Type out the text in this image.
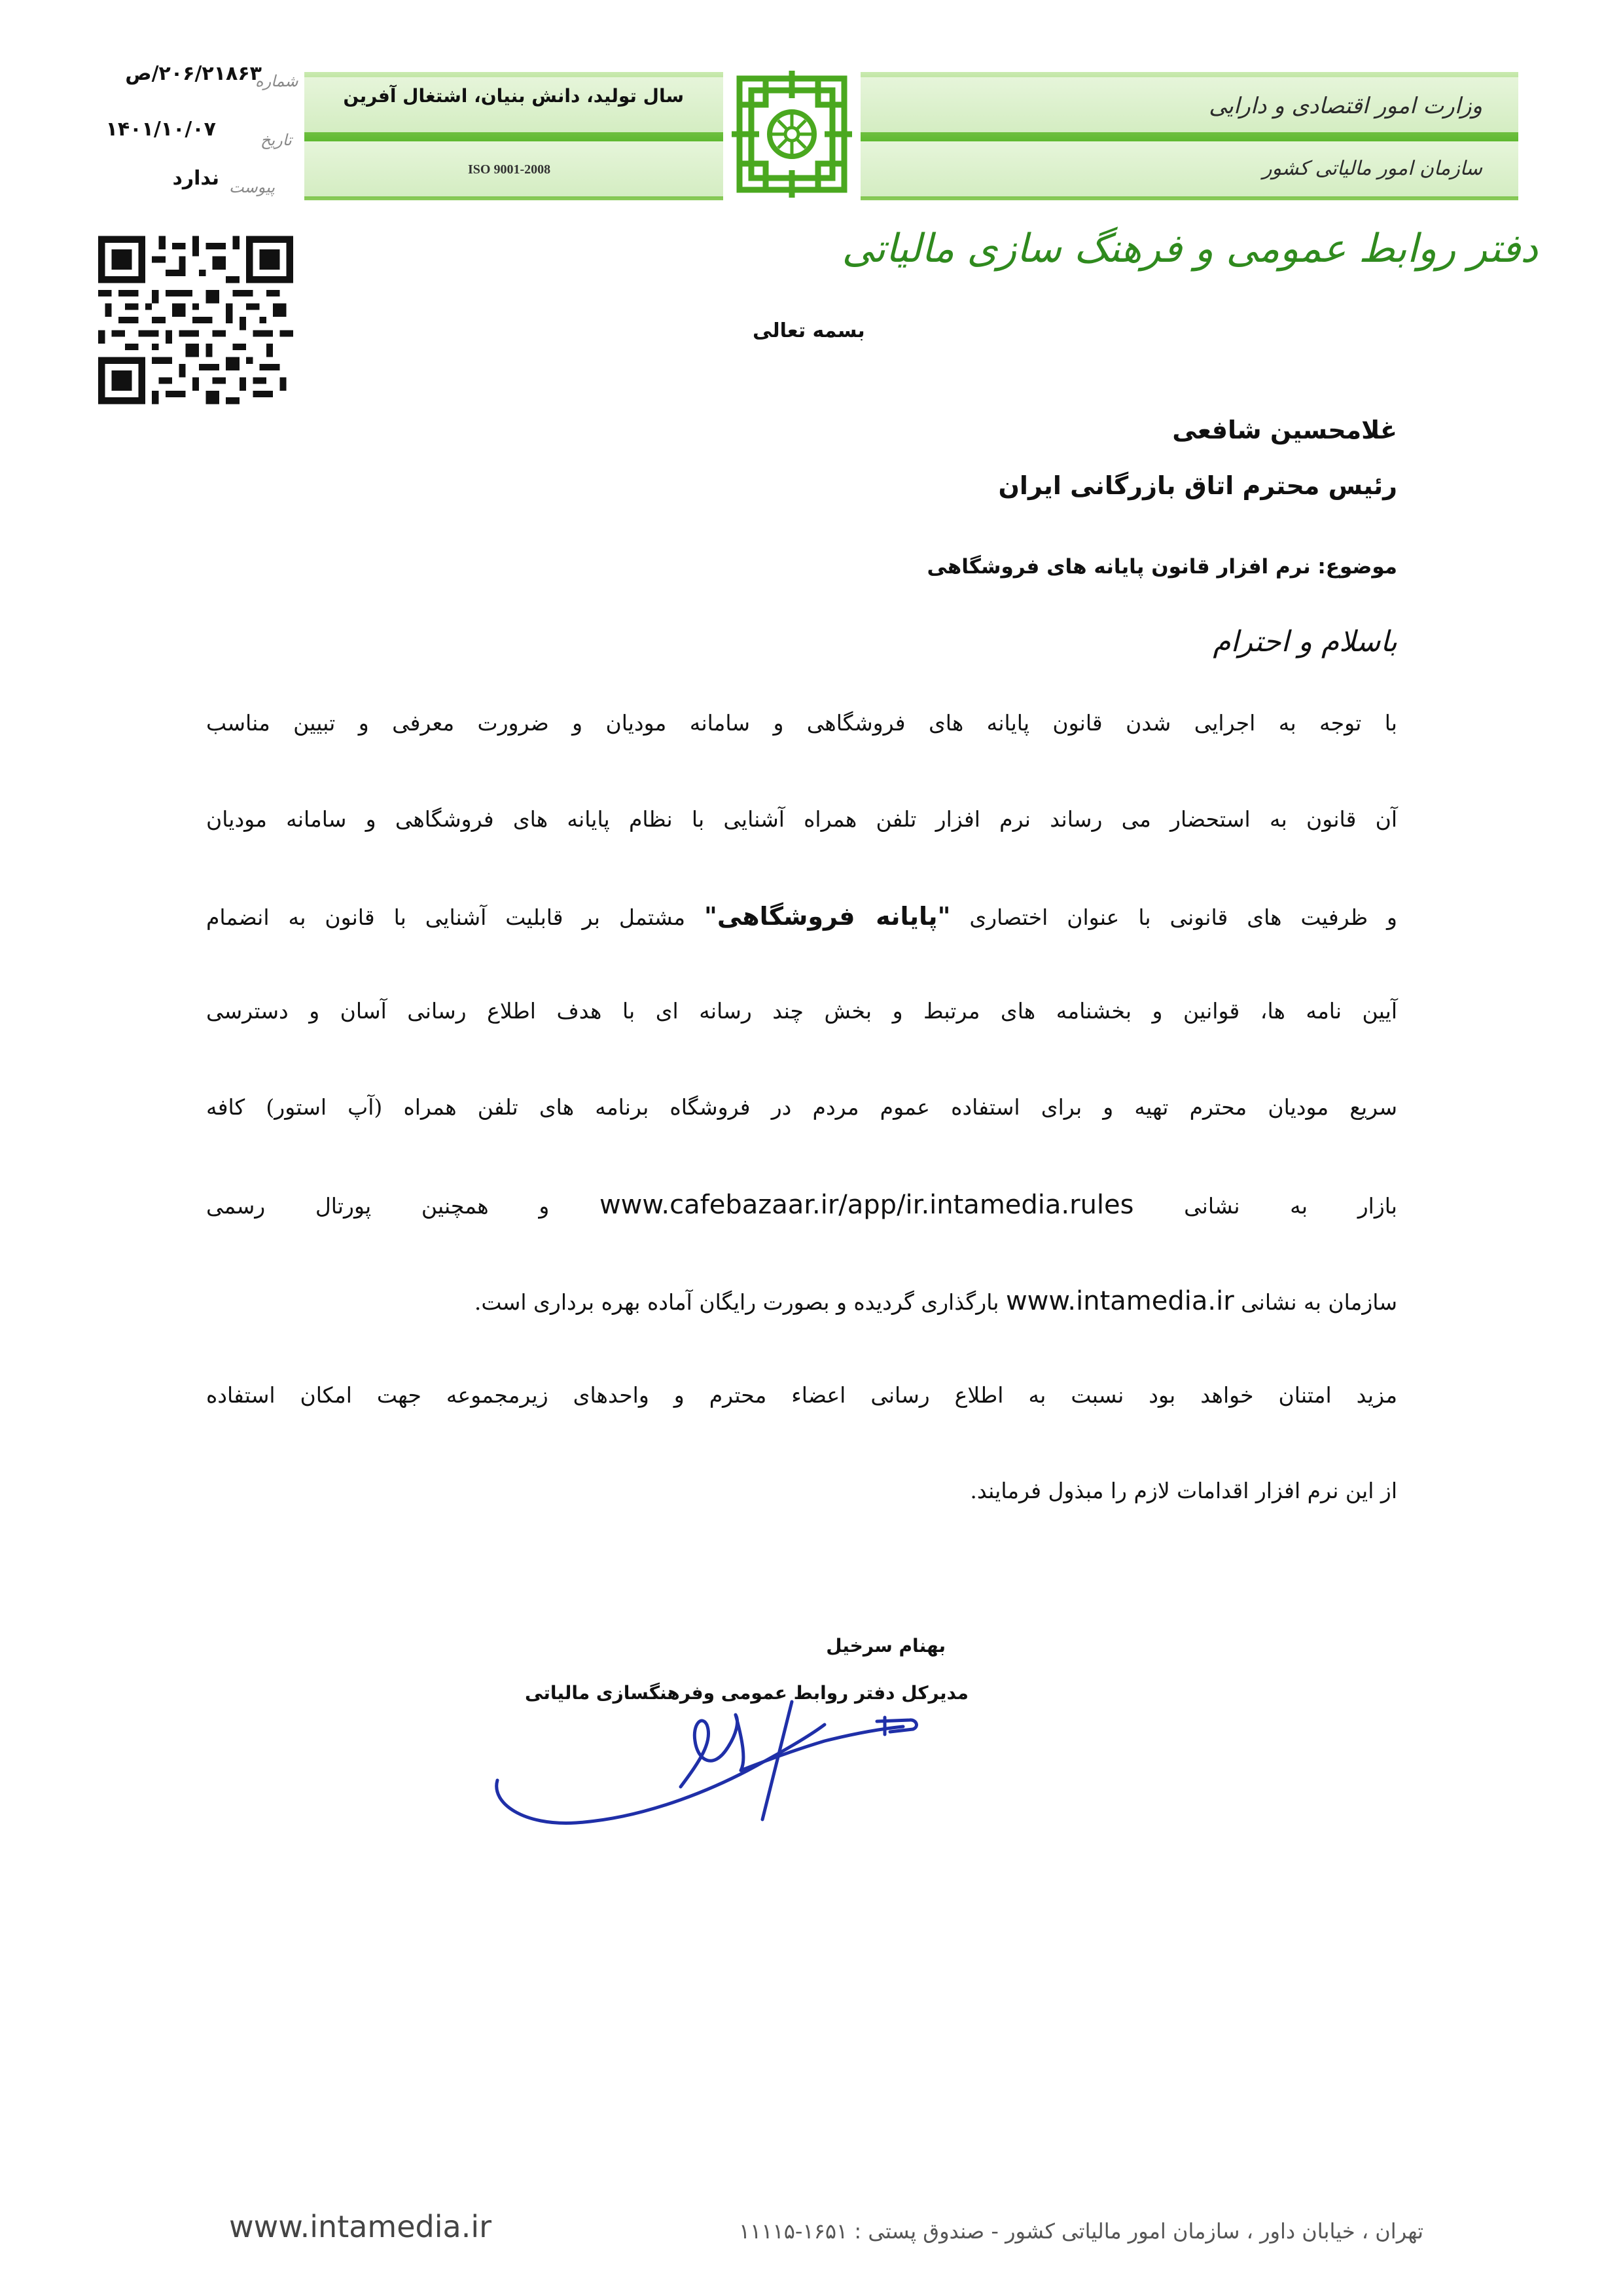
سال تولید، دانش بنیان، اشتغال آفرین
ISO 9001-2008
وزارت امور اقتصادی و دارایی
سازمان امور مالیاتی کشور
دفتر روابط عمومی و فرهنگ سازی مالیاتی
۲۰۶/۲۱۸۶۳/ص
شماره
۱۴۰۱/۱۰/۰۷	تاریخ
ندارد پیوست
بسمه تعالی
غلامحسین شافعی
رئیس محترم اتاق بازرگانی ایران
موضوع: نرم افزار قانون پایانه های فروشگاهی
باسلام و احترام
با توجه به اجرایی شدن قانون پایانه های فروشگاهی و سامانه مودیان و ضرورت معرفی و تبیین مناسب
آن قانون به استحضار می رساند نرم افزار تلفن همراه آشنایی با نظام پایانه های فروشگاهی و سامانه مودیان
و ظرفیت های قانونی با عنوان اختصاری "پایانه فروشگاهی" مشتمل بر قابلیت آشنایی با قانون به انضمام
آیین نامه ها، قوانین و بخشنامه های مرتبط و بخش چند رسانه ای با هدف اطلاع رسانی آسان و دسترسی
سریع مودیان محترم تهیه و برای استفاده عموم مردم در فروشگاه برنامه های تلفن همراه (آپ استور) کافه
بازار به نشانی www.cafebazaar.ir/app/ir.intamedia.rules و همچنین پورتال رسمی
سازمان به نشانی www.intamedia.ir بارگذاری گردیده و بصورت رایگان آماده بهره برداری است.
مزید امتنان خواهد بود نسبت به اطلاع رسانی اعضاء محترم و واحدهای زیرمجموعه جهت امکان استفاده
از این نرم افزار اقدامات لازم را مبذول فرمایند.
بهنام سرخیل
مدیرکل دفتر روابط عمومی وفرهنگسازی مالیاتی
www.intamedia.ir	تهران ، خیابان داور ، سازمان امور مالیاتی کشور - صندوق پستی : ۱۶۵۱-۱۱۱۱۵
